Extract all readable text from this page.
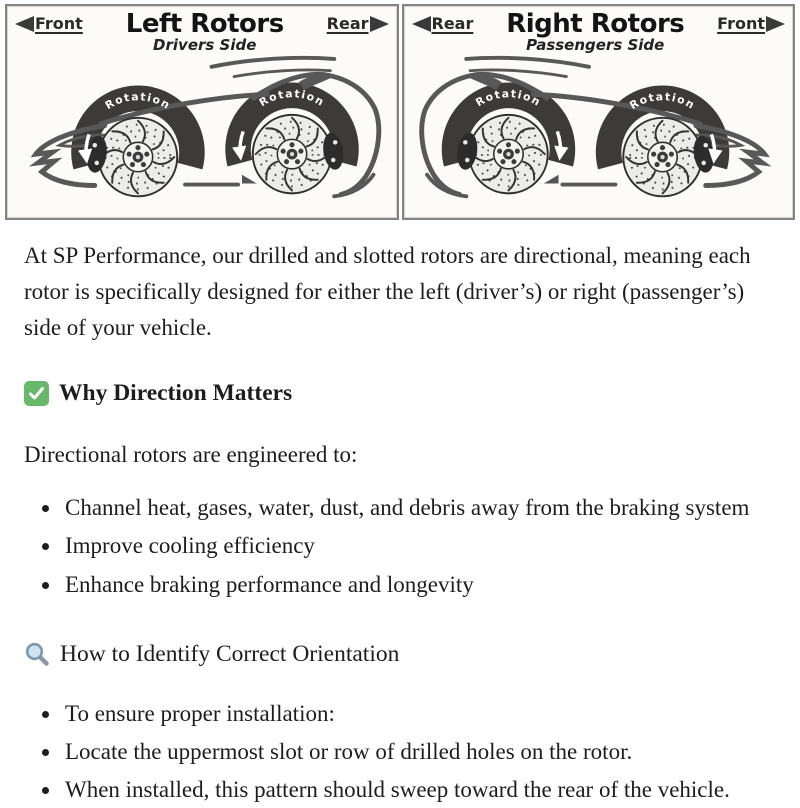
Front Left Rotors
Drivers Side
Rear
Rotation	Rotation
Rear Right Rotors
Passengers Side
Front
Rotation
Rotation

At SP Performance, our drilled and slotted rotors are directional, meaning each rotor is specifically designed for either the left (driver’s) or right (passenger’s) side of your vehicle.

Why Direction Matters

Directional rotors are engineered to:

• Channel heat, gases, water, dust, and debris away from the braking system
• Improve cooling efficiency
• Enhance braking performance and longevity
How to Identify Correct Orientation
• To ensure proper installation:
• Locate the uppermost slot or row of drilled holes on the rotor.
• When installed, this pattern should sweep toward the rear of the vehicle.
